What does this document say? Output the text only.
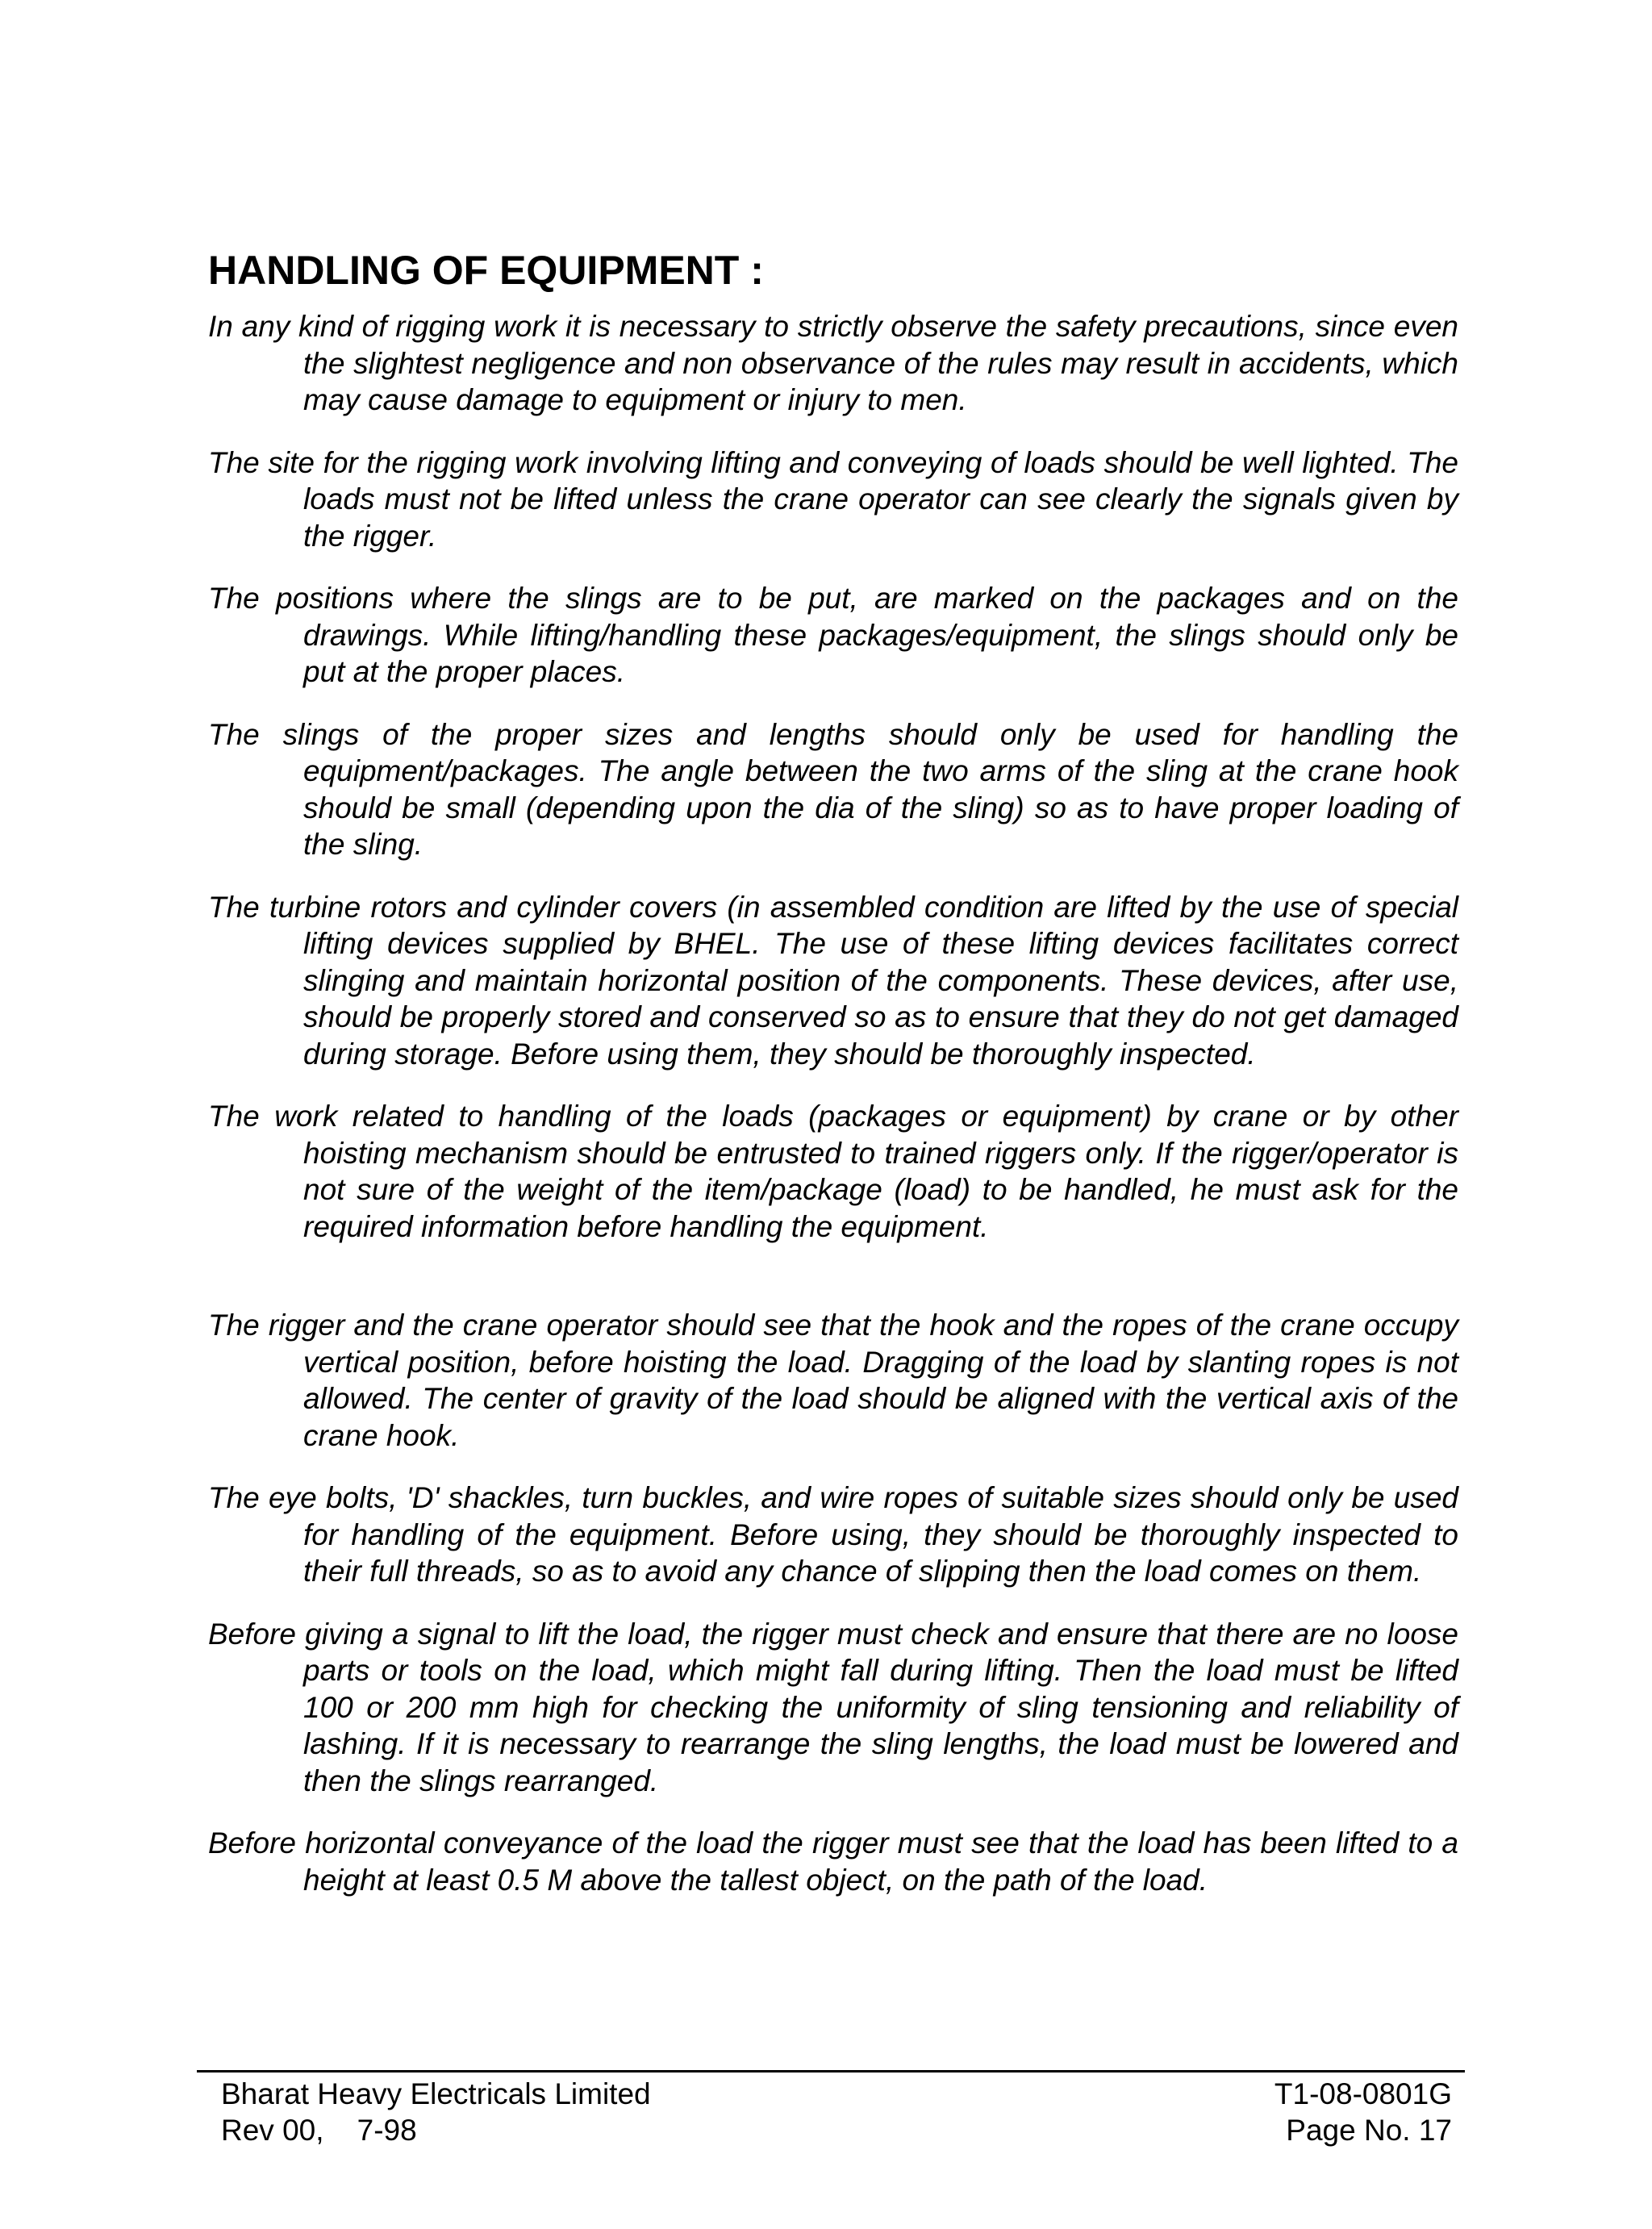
HANDLING OF EQUIPMENT :

In any kind of rigging work it is necessary to strictly observe the safety precautions, since even the slightest negligence and non observance of the rules may result in accidents, which may cause damage to equipment or injury to men.

The site for the rigging work involving lifting and conveying of loads should be well lighted. The loads must not be lifted unless the crane operator can see clearly the signals given by the rigger.

The positions where the slings are to be put, are marked on the packages and on the drawings. While lifting/handling these packages/equipment, the slings should only be put at the proper places.

The slings of the proper sizes and lengths should only be used for handling the equipment/packages. The angle between the two arms of the sling at the crane hook should be small (depending upon the dia of the sling) so as to have proper loading of the sling.

The turbine rotors and cylinder covers (in assembled condition are lifted by the use of special lifting devices supplied by BHEL. The use of these lifting devices facilitates correct slinging and maintain horizontal position of the components. These devices, after use, should be properly stored and conserved so as to ensure that they do not get damaged during storage. Before using them, they should be thoroughly inspected.

The work related to handling of the loads (packages or equipment) by crane or by other hoisting mechanism should be entrusted to trained riggers only. If the rigger/operator is not sure of the weight of the item/package (load) to be handled, he must ask for the required information before handling the equipment.

The rigger and the crane operator should see that the hook and the ropes of the crane occupy vertical position, before hoisting the load. Dragging of the load by slanting ropes is not allowed. The center of gravity of the load should be aligned with the vertical axis of the crane hook.

The eye bolts, 'D' shackles, turn buckles, and wire ropes of suitable sizes should only be used for handling of the equipment. Before using, they should be thoroughly inspected to their full threads, so as to avoid any chance of slipping then the load comes on them.

Before giving a signal to lift the load, the rigger must check and ensure that there are no loose parts or tools on the load, which might fall during lifting. Then the load must be lifted 100 or 200 mm high for checking the uniformity of sling tensioning and reliability of lashing. If it is necessary to rearrange the sling lengths, the load must be lowered and then the slings rearranged.

Before horizontal conveyance of the load the rigger must see that the load has been lifted to a height at least 0.5 M above the tallest object, on the path of the load.

Bharat Heavy Electricals Limited	T1-08-0801G
Rev 00,    7-98	Page No. 17
